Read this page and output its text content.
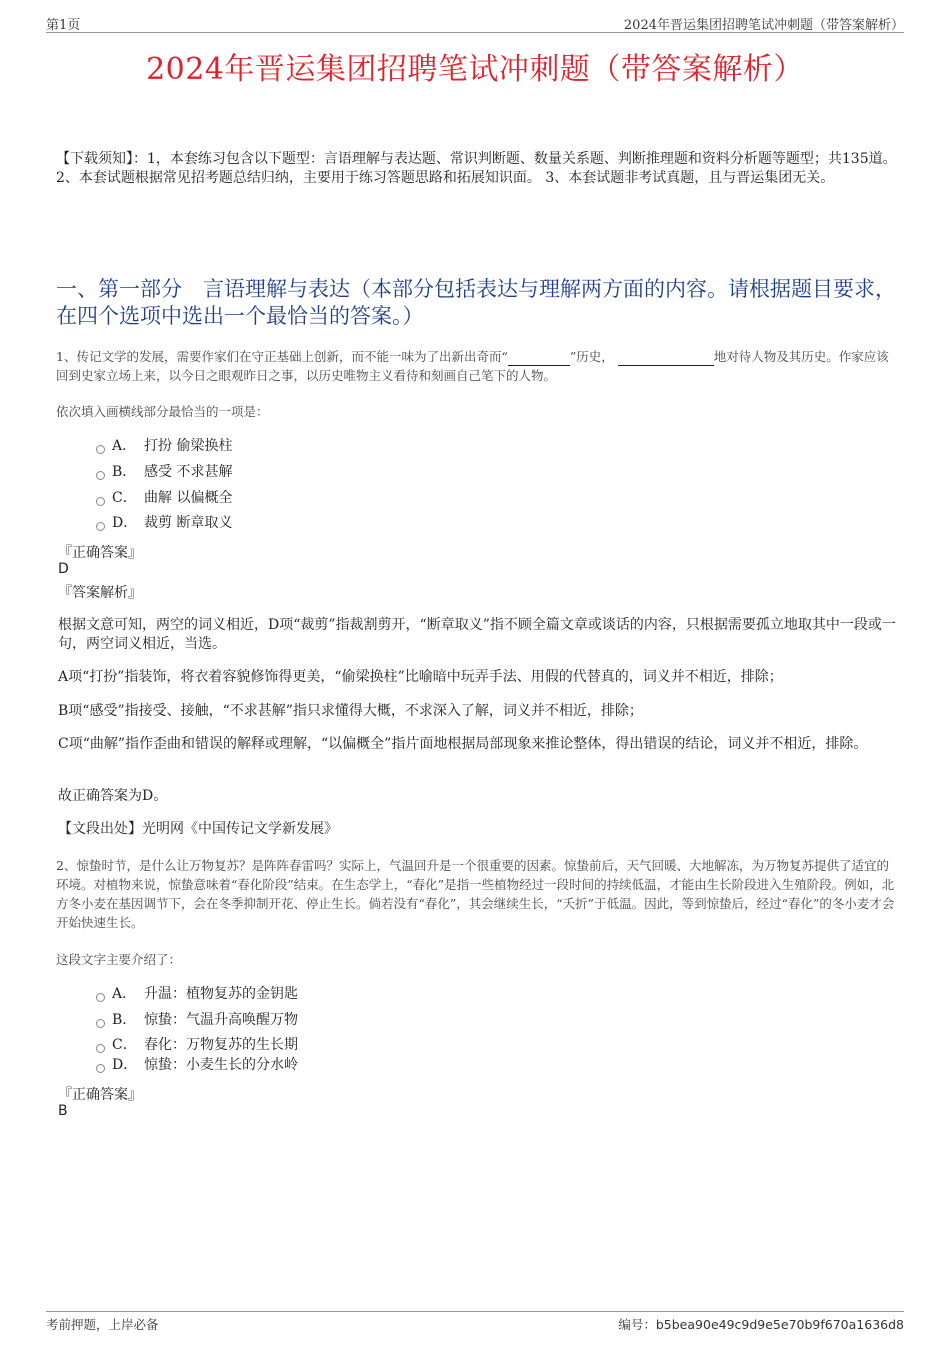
第1页	2024年晋运集团招聘笔试冲刺题（带答案解析）
2024年晋运集团招聘笔试冲刺题（带答案解析）
【下载须知】：1，本套练习包含以下题型：言语理解与表达题、常识判断题、数量关系题、判断推理题和资料分析题等题型；共135道。 2、本套试题根据常见招考题总结归纳，主要用于练习答题思路和拓展知识面。 3、本套试题非考试真题，且与晋运集团无关。
一、第一部分　言语理解与表达（本部分包括表达与理解两方面的内容。请根据题目要求，在四个选项中选出一个最恰当的答案。）
1、传记文学的发展，需要作家们在守正基础上创新，而不能一味为了出新出奇而“	”历史，	地对待人物及其历史。作家应该回到史家立场上来，以今日之眼观昨日之事，以历史唯物主义看待和刻画自己笔下的人物。
依次填入画横线部分最恰当的一项是：
A． 打扮 偷梁换柱
B． 感受 不求甚解
C． 曲解 以偏概全
D． 裁剪 断章取义
『正确答案』
D
『答案解析』
根据文意可知，两空的词义相近，D项“裁剪”指裁割剪开，“断章取义”指不顾全篇文章或谈话的内容，只根据需要孤立地取其中一段或一句，两空词义相近，当选。
A项“打扮”指装饰，将衣着容貌修饰得更美，“偷梁换柱”比喻暗中玩弄手法、用假的代替真的，词义并不相近，排除；
B项“感受”指接受、接触，“不求甚解”指只求懂得大概，不求深入了解，词义并不相近，排除；
C项“曲解”指作歪曲和错误的解释或理解，“以偏概全”指片面地根据局部现象来推论整体，得出错误的结论，词义并不相近，排除。
故正确答案为D。
【文段出处】光明网《中国传记文学新发展》
2、惊蛰时节，是什么让万物复苏？是阵阵春雷吗？实际上，气温回升是一个很重要的因素。惊蛰前后，天气回暖、大地解冻，为万物复苏提供了适宜的环境。对植物来说，惊蛰意味着“春化阶段”结束。在生态学上，“春化”是指一些植物经过一段时间的持续低温，才能由生长阶段进入生殖阶段。例如，北方冬小麦在基因调节下，会在冬季抑制开花、停止生长。倘若没有“春化”，其会继续生长，“夭折”于低温。因此，等到惊蛰后，经过“春化”的冬小麦才会开始快速生长。
这段文字主要介绍了：
A． 升温：植物复苏的金钥匙
B． 惊蛰：气温升高唤醒万物
C． 春化：万物复苏的生长期
D． 惊蛰：小麦生长的分水岭
『正确答案』
B
考前押题，上岸必备	编号：b5bea90e49c9d9e5e70b9f670a1636d8
